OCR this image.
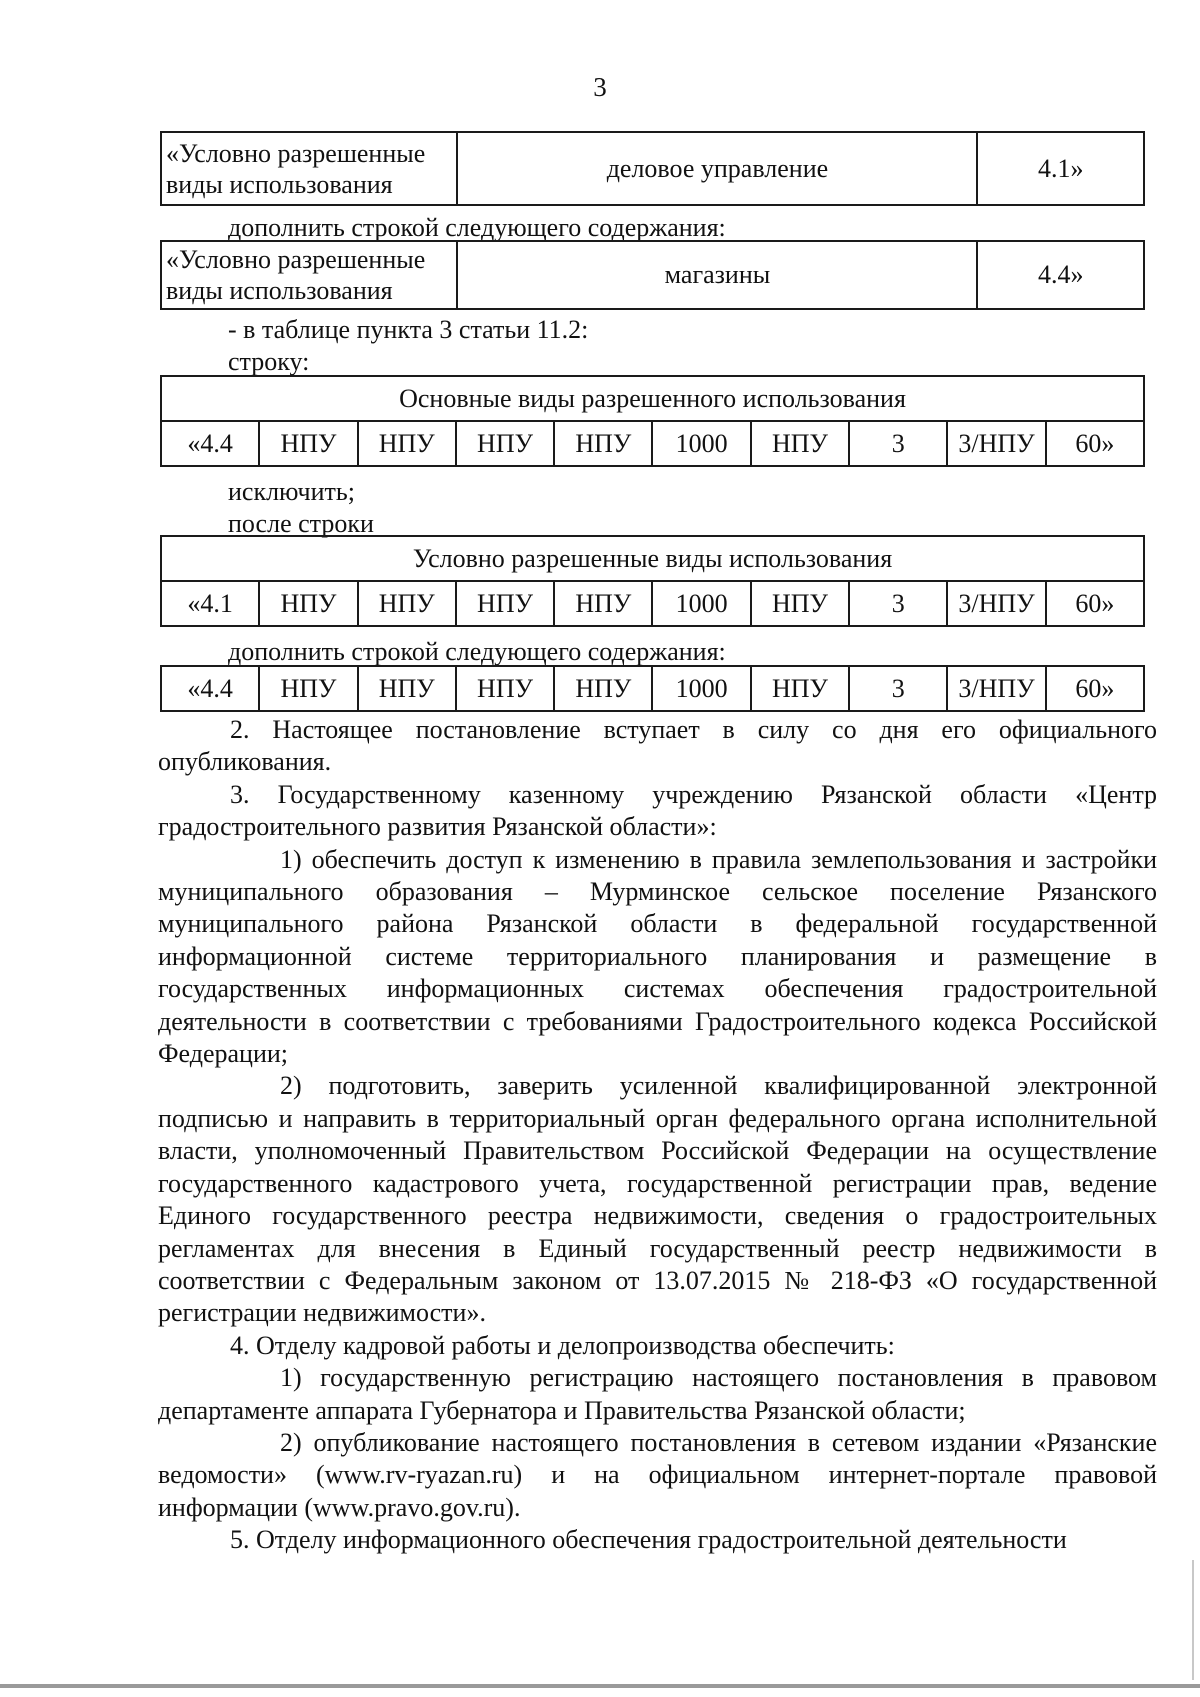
3
«Условно разрешенные виды использования	деловое управление	4.1»
дополнить строкой следующего содержания:
«Условно разрешенные виды использования	магазины	4.4»
- в таблице пункта 3 статьи 11.2:
строку:
Основные виды разрешенного использования
«4.4	НПУ	НПУ	НПУ	НПУ	1000	НПУ	3	3/НПУ	60»
исключить;
после строки
Условно разрешенные виды использования
«4.1	НПУ	НПУ	НПУ	НПУ	1000	НПУ	3	3/НПУ	60»
дополнить строкой следующего содержания:
«4.4	НПУ	НПУ	НПУ	НПУ	1000	НПУ	3	3/НПУ	60»

2. Настоящее постановление вступает в силу со дня его официального опубликования.

3. Государственному казенному учреждению Рязанской области «Центр градостроительного развития Рязанской области»:

1) обеспечить доступ к изменению в правила землепользования и застройки муниципального образования – Мурминское сельское поселение Рязанского муниципального района Рязанской области в федеральной государственной информационной системе территориального планирования и размещение в государственных информационных системах обеспечения градостроительной деятельности в соответствии с требованиями Градостроительного кодекса Российской Федерации;

2) подготовить, заверить усиленной квалифицированной электронной подписью и направить в территориальный орган федерального органа исполнительной власти, уполномоченный Правительством Российской Федерации на осуществление государственного кадастрового учета, государственной регистрации прав, ведение Единого государственного реестра недвижимости, сведения о градостроительных регламентах для внесения в Единый государственный реестр недвижимости в соответствии с Федеральным законом от 13.07.2015 № 218-ФЗ «О государственной регистрации недвижимости».

4. Отделу кадровой работы и делопроизводства обеспечить:

1) государственную регистрацию настоящего постановления в правовом департаменте аппарата Губернатора и Правительства Рязанской области;

2) опубликование настоящего постановления в сетевом издании «Рязанские ведомости» (www.rv-ryazan.ru) и на официальном интернет-портале правовой информации (www.pravo.gov.ru).

5. Отделу информационного обеспечения градостроительной деятельности
